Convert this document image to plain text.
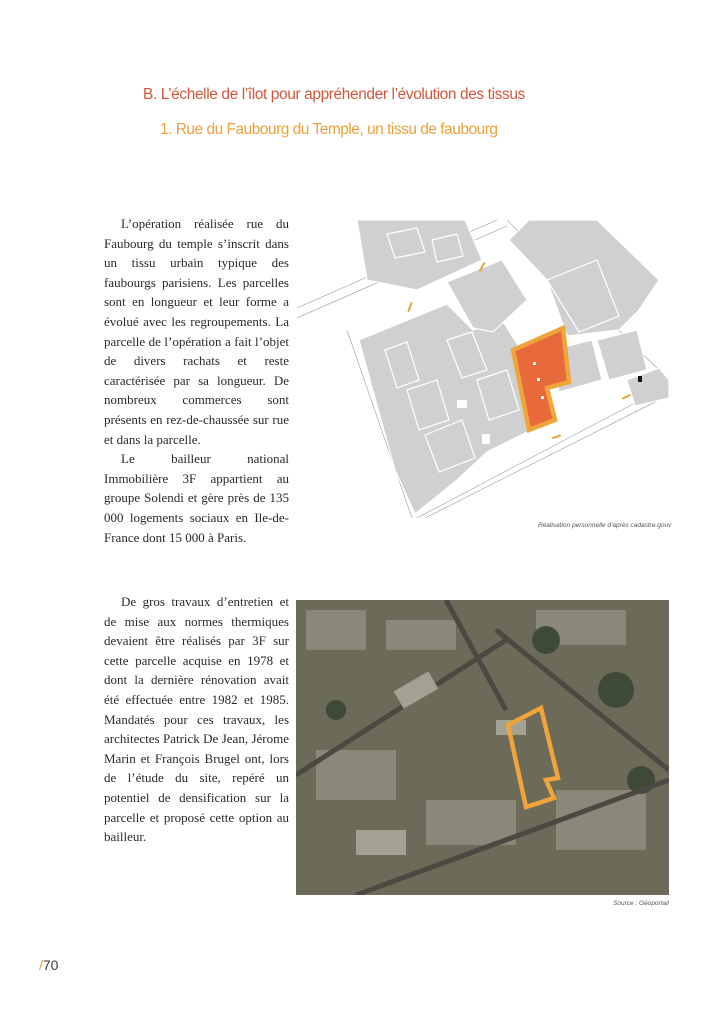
B. L’échelle de l’îlot pour appréhender l’évolution des tissus
1. Rue du Faubourg du Temple, un tissu de faubourg

L’opération réalisée rue du Faubourg du temple s’inscrit dans un tissu urbain typique des faubourgs parisiens. Les parcelles sont en longueur et leur forme a évolué avec les regroupements. La parcelle de l’opération a fait l’objet de divers rachats et reste caractérisée par sa longueur. De nombreux commerces sont présents en rez-de-chaussée sur rue et dans la parcelle.

Le bailleur national Immobilière 3F appartient au groupe Solendi et gère près de 135 000 logements sociaux en Ile-de-France dont 15 000 à Paris.

Réalisation personnelle d’après cadastre.gouv

De gros travaux d’entretien et de mise aux normes thermiques devaient être réalisés par 3F sur cette parcelle acquise en 1978 et dont la dernière rénovation avait été effectuée entre 1982 et 1985. Mandatés pour ces travaux, les architectes Patrick De Jean, Jérome Marin et François Brugel ont, lors de l’étude du site, repéré un potentiel de densification sur la parcelle et proposé cette option au bailleur.

Source : Géoportail
/70
